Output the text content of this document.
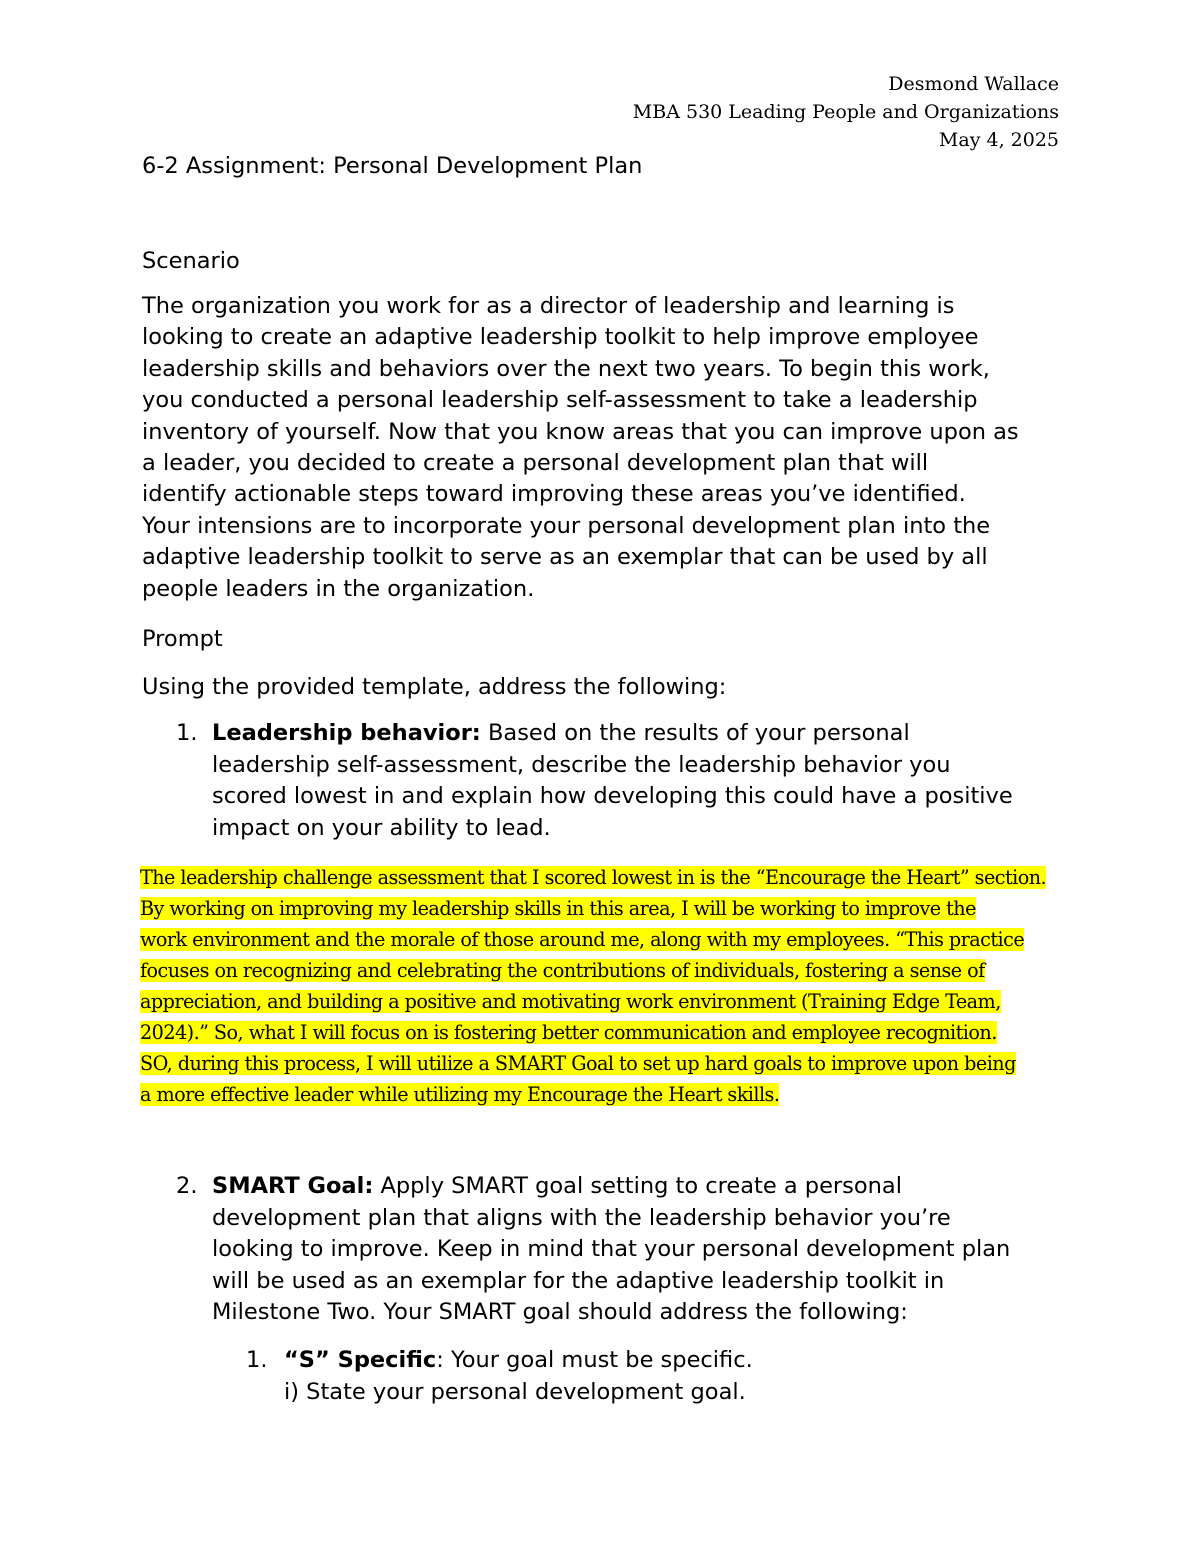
Desmond Wallace
MBA 530 Leading People and Organizations
May 4, 2025
6-2 Assignment: Personal Development Plan
Scenario
The organization you work for as a director of leadership and learning is
looking to create an adaptive leadership toolkit to help improve employee
leadership skills and behaviors over the next two years. To begin this work,
you conducted a personal leadership self-assessment to take a leadership
inventory of yourself. Now that you know areas that you can improve upon as
a leader, you decided to create a personal development plan that will
identify actionable steps toward improving these areas you’ve identified.
Your intensions are to incorporate your personal development plan into the
adaptive leadership toolkit to serve as an exemplar that can be used by all
people leaders in the organization.
Prompt
Using the provided template, address the following:
1. Leadership behavior: Based on the results of your personal
leadership self-assessment, describe the leadership behavior you
scored lowest in and explain how developing this could have a positive
impact on your ability to lead.
The leadership challenge assessment that I scored lowest in is the “Encourage the Heart” section.
By working on improving my leadership skills in this area, I will be working to improve the
work environment and the morale of those around me, along with my employees. “This practice
focuses on recognizing and celebrating the contributions of individuals, fostering a sense of
appreciation, and building a positive and motivating work environment (Training Edge Team,
2024).” So, what I will focus on is fostering better communication and employee recognition.
SO, during this process, I will utilize a SMART Goal to set up hard goals to improve upon being
a more effective leader while utilizing my Encourage the Heart skills.
2. SMART Goal: Apply SMART goal setting to create a personal
development plan that aligns with the leadership behavior you’re
looking to improve. Keep in mind that your personal development plan
will be used as an exemplar for the adaptive leadership toolkit in
Milestone Two. Your SMART goal should address the following:
1. “S” Specific: Your goal must be specific.
i) State your personal development goal.
